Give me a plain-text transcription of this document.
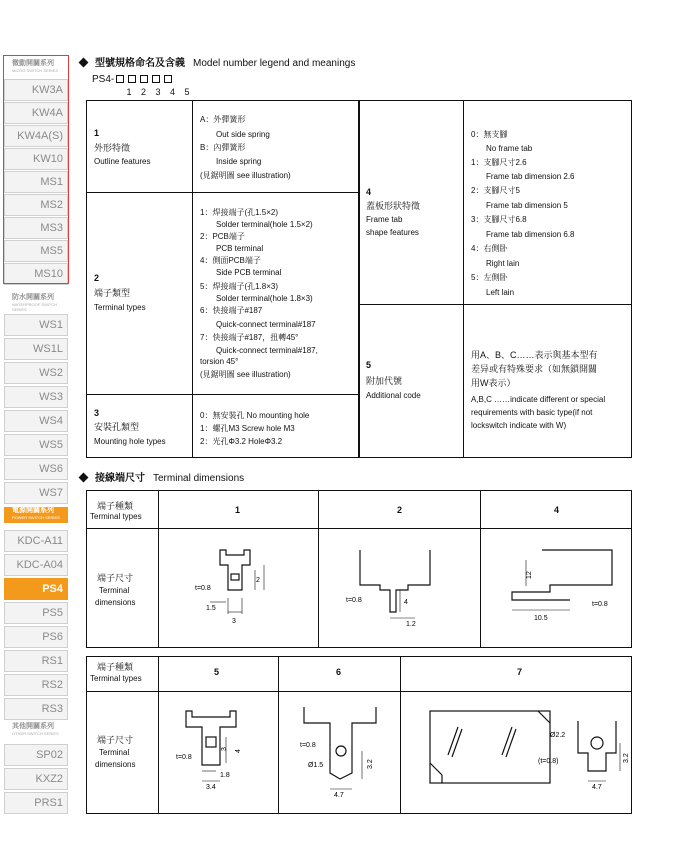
微動開關系列
MICRO SWITCH SERIES
KW3A
KW4A
KW4A(S)
KW10
MS1
MS2
MS3
MS5
MS10
防水開關系列
WATERPROOF SWITCH SERIES
WS1
WS1L
WS2
WS3
WS4
WS5
WS6
WS7
電源開關系列
POWER SWITCH SERIES
KDC-A11
KDC-A04
PS4
PS5
PS6
RS1
RS2
RS3
其他開關系列
OTHER SWITCH SERIES
SP02
KXZ2
PRS1
型號規格命名及含義 Model number legend and meanings
PS4-
1 2 3 4 5
1
外形特徵
Outline features
A：外彈簧形
Out side spring
B：內彈簧形
Inside spring
(見鋸明圖 see illustration)
2
端子類型
Terminal types
1：焊接端子(孔1.5×2)
Solder terminal(hole 1.5×2)
2：PCB端子
PCB terminal
4：側面PCB端子
Side PCB terminal
5：焊接端子(孔1.8×3)
Solder terminal(hole 1.8×3)
6：快接端子#187
Quick-connect terminal#187
7：快接端子#187，扭轉45°
Quick-connect terminal#187,
torsion 45°
(見鋸明圖 see illustration)
3
安裝孔類型
Mounting hole types
0：無安裝孔 No mounting hole
1：螺孔M3 Screw hole M3
2：光孔Φ3.2 HoleΦ3.2
4
蓋板形狀特徵
Frame tab
shape features
0：無支腳
No frame tab
1：支腳尺寸2.6
Frame tab dimension 2.6
2：支腳尺寸5
Frame tab dimension 5
3：支腳尺寸6.8
Frame tab dimension 6.8
4：右側卧
Right lain
5：左側卧
Left lain
5
附加代號
Additional code
用A、B、C……表示與基本型有
差异或有特殊要求（如無鎖開關
用W表示）
A,B,C ……indicate different or special
requirements with basic type(if not
lockswitch indicate with W)
接線端尺寸 Terminal dimensions
端子種類
Terminal types
1	2	4
端子尺寸
Terminal
dimensions
t=0.8
2
1.5
3
t=0.8	4
1.2
12
10.5
t=0.8
端子種類
Terminal types
5	6	7
端子尺寸
Terminal
dimensions
t=0.8
4
3
1.8
3.4
t=0.8
Ø1.5
4.7
3.2
Ø2.2
(t=0.8)
4.7
3.2
